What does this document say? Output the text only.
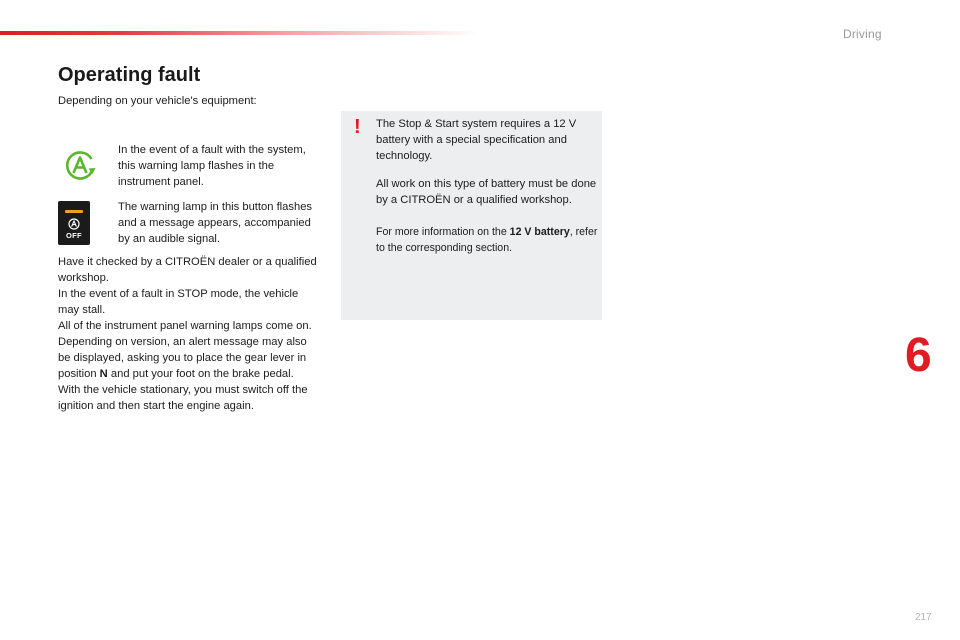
Driving
Operating fault
Depending on your vehicle's equipment:
In the event of a fault with the system, this warning lamp flashes in the instrument panel.
OFF
The warning lamp in this button flashes and a message appears, accompanied by an audible signal.

Have it checked by a CITROËN dealer or a qualified workshop.

In the event of a fault in STOP mode, the vehicle may stall.

All of the instrument panel warning lamps come on.

Depending on version, an alert message may also be displayed, asking you to place the gear lever in position N and put your foot on the brake pedal.

With the vehicle stationary, you must switch off the ignition and then start the engine again.

! The Stop & Start system requires a 12 V battery with a special specification and technology.

All work on this type of battery must be done by a CITROËN or a qualified workshop.

For more information on the 12 V battery, refer to the corresponding section.

6
217
